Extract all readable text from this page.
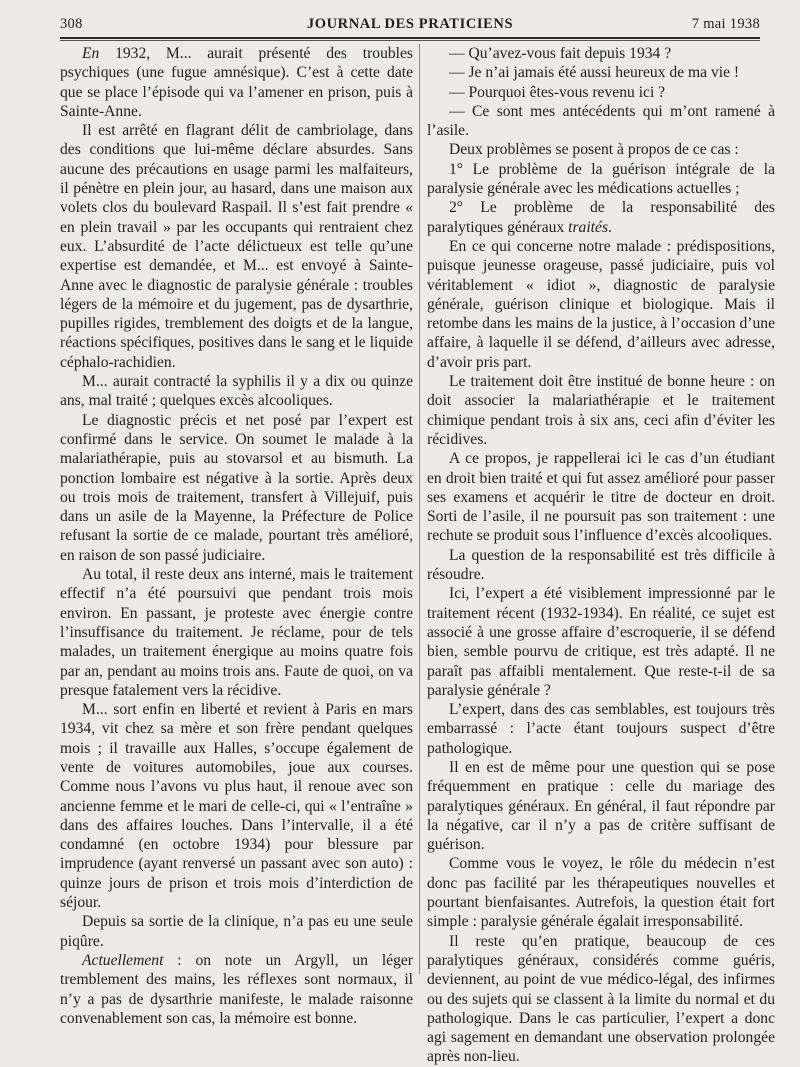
308	JOURNAL DES PRATICIENS	7 mai 1938

En 1932, M... aurait présenté des troubles psychiques (une fugue amnésique). C’est à cette date que se place l’épisode qui va l’amener en prison, puis à Sainte-Anne.

Il est arrêté en flagrant délit de cambriolage, dans des conditions que lui-même déclare absurdes. Sans aucune des précautions en usage parmi les malfaiteurs, il pénètre en plein jour, au hasard, dans une maison aux volets clos du boulevard Raspail. Il s’est fait prendre « en plein travail » par les occupants qui rentraient chez eux. L’absurdité de l’acte délictueux est telle qu’une expertise est demandée, et M... est envoyé à Sainte-Anne avec le diagnostic de paralysie générale : troubles légers de la mémoire et du jugement, pas de dysarthrie, pupilles rigides, tremblement des doigts et de la langue, réactions spécifiques, positives dans le sang et le liquide céphalo-rachidien.

M... aurait contracté la syphilis il y a dix ou quinze ans, mal traité ; quelques excès alcooliques.

Le diagnostic précis et net posé par l’expert est confirmé dans le service. On soumet le malade à la malariathérapie, puis au stovarsol et au bismuth. La ponction lombaire est négative à la sortie. Après deux ou trois mois de traitement, transfert à Villejuif, puis dans un asile de la Mayenne, la Préfecture de Police refusant la sortie de ce malade, pourtant très amélioré, en raison de son passé judiciaire.

Au total, il reste deux ans interné, mais le traitement effectif n’a été poursuivi que pendant trois mois environ. En passant, je proteste avec énergie contre l’insuffisance du traitement. Je réclame, pour de tels malades, un traitement énergique au moins quatre fois par an, pendant au moins trois ans. Faute de quoi, on va presque fatalement vers la récidive.

M... sort enfin en liberté et revient à Paris en mars 1934, vit chez sa mère et son frère pendant quelques mois ; il travaille aux Halles, s’occupe également de vente de voitures automobiles, joue aux courses. Comme nous l’avons vu plus haut, il renoue avec son ancienne femme et le mari de celle-ci, qui « l’entraîne » dans des affaires louches. Dans l’intervalle, il a été condamné (en octobre 1934) pour blessure par imprudence (ayant renversé un passant avec son auto) : quinze jours de prison et trois mois d’interdiction de séjour.

Depuis sa sortie de la clinique, n’a pas eu une seule piqûre.

Actuellement : on note un Argyll, un léger tremblement des mains, les réflexes sont normaux, il n’y a pas de dysarthrie manifeste, le malade raisonne convenablement son cas, la mémoire est bonne.

— Qu’avez-vous fait depuis 1934 ?

— Je n’ai jamais été aussi heureux de ma vie !

— Pourquoi êtes-vous revenu ici ?

— Ce sont mes antécédents qui m’ont ramené à l’asile.

Deux problèmes se posent à propos de ce cas :

1° Le problème de la guérison intégrale de la paralysie générale avec les médications actuelles ;

2° Le problème de la responsabilité des paralytiques généraux traités.

En ce qui concerne notre malade : prédispositions, puisque jeunesse orageuse, passé judiciaire, puis vol véritablement « idiot », diagnostic de paralysie générale, guérison clinique et biologique. Mais il retombe dans les mains de la justice, à l’occasion d’une affaire, à laquelle il se défend, d’ailleurs avec adresse, d’avoir pris part.

Le traitement doit être institué de bonne heure : on doit associer la malariathérapie et le traitement chimique pendant trois à six ans, ceci afin d’éviter les récidives.

A ce propos, je rappellerai ici le cas d’un étudiant en droit bien traité et qui fut assez amélioré pour passer ses examens et acquérir le titre de docteur en droit. Sorti de l’asile, il ne poursuit pas son traitement : une rechute se produit sous l’influence d’excès alcooliques.

La question de la responsabilité est très difficile à résoudre.

Ici, l’expert a été visiblement impressionné par le traitement récent (1932-1934). En réalité, ce sujet est associé à une grosse affaire d’escroquerie, il se défend bien, semble pourvu de critique, est très adapté. Il ne paraît pas affaibli mentalement. Que reste-t-il de sa paralysie générale ?

L’expert, dans des cas semblables, est toujours très embarrassé : l’acte étant toujours suspect d’être pathologique.

Il en est de même pour une question qui se pose fréquemment en pratique : celle du mariage des paralytiques généraux. En général, il faut répondre par la négative, car il n’y a pas de critère suffisant de guérison.

Comme vous le voyez, le rôle du médecin n’est donc pas facilité par les thérapeutiques nouvelles et pourtant bienfaisantes. Autrefois, la question était fort simple : paralysie générale égalait irresponsabilité.

Il reste qu’en pratique, beaucoup de ces paralytiques généraux, considérés comme guéris, deviennent, au point de vue médico-légal, des infirmes ou des sujets qui se classent à la limite du normal et du pathologique. Dans le cas particulier, l’expert a donc agi sagement en demandant une observation prolongée après non-lieu.
